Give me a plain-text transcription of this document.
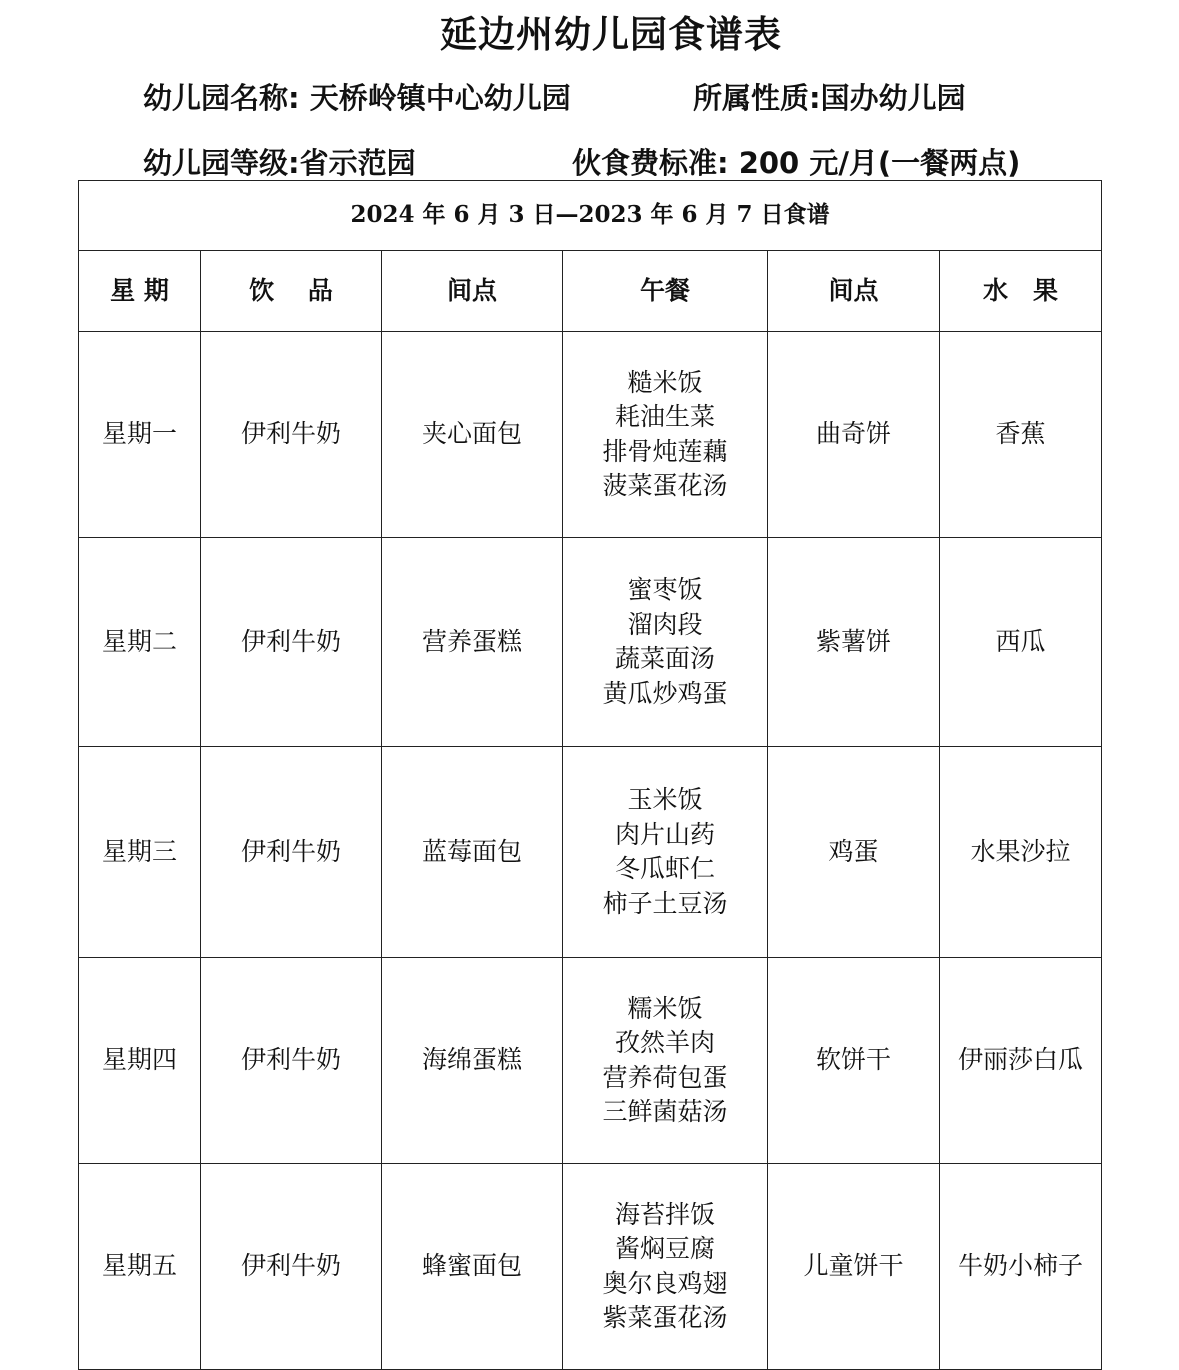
延边州幼儿园食谱表
幼儿园名称: 天桥岭镇中心幼儿园	所属性质:国办幼儿园
幼儿园等级:省示范园	伙食费标准: 200 元/月(一餐两点)
2024 年 6 月 3 日—2023 年 6 月 7 日食谱					
星 期	饮　 品	间点	午餐	间点	水　果
星期一	伊利牛奶	夹心面包	糙米饭
耗油生菜
排骨炖莲藕
菠菜蛋花汤	曲奇饼	香蕉
星期二	伊利牛奶	营养蛋糕	蜜枣饭
溜肉段
蔬菜面汤
黄瓜炒鸡蛋	紫薯饼	西瓜
星期三	伊利牛奶	蓝莓面包	玉米饭
肉片山药
冬瓜虾仁
柿子土豆汤	鸡蛋	水果沙拉
星期四	伊利牛奶	海绵蛋糕	糯米饭
孜然羊肉
营养荷包蛋
三鲜菌菇汤	软饼干	伊丽莎白瓜
星期五	伊利牛奶	蜂蜜面包	海苔拌饭
酱焖豆腐
奥尔良鸡翅
紫菜蛋花汤	儿童饼干	牛奶小柿子
